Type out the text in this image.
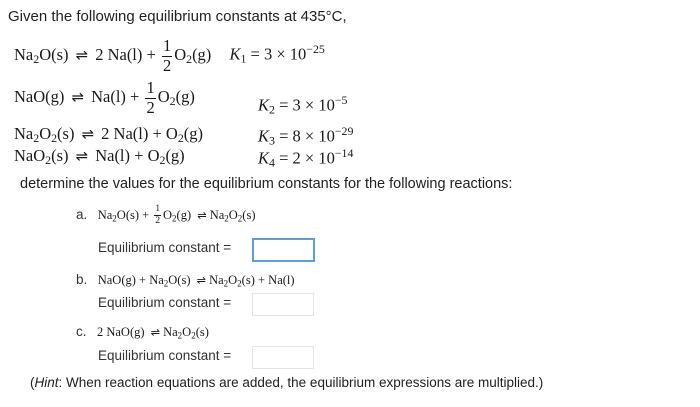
Given the following equilibrium constants at 435°C,
$Na_2O(s)$ ⇌ 2 $Na(l) + \frac{1}{2} O_2(g) K_1 = 3 \times 10^{-25}$
NaO(g) ⇌ $Na(l) + \frac{1}{2} O_2(g)$	$K_2 = 3 \times 10^{-5}$
$Na_2O_2(s)$ ⇌ 2 $Na(l) + O_2(g)$	$K_3 = 8 \times 10^{-29}$
NaO$_2$(s) ⇌ $Na(l) + O_2(g)$	$K_4 = 2 \times 10^{-14}$
determine the values for the equilibrium constants for the following reactions:
a. $Na_2O(s) + \frac{1}{2} O_2(g)$ ⇌ $Na_2O_2(s)$
Equilibrium constant =
b. $NaO(g) + Na_2O(s)$ ⇌ $Na_2O_2(s) + Na(l)$
Equilibrium constant =
c. 2 NaO(g) ⇌ $Na_2O_2(s)$
Equilibrium constant =
(Hint: When reaction equations are added, the equilibrium expressions are multiplied.)
